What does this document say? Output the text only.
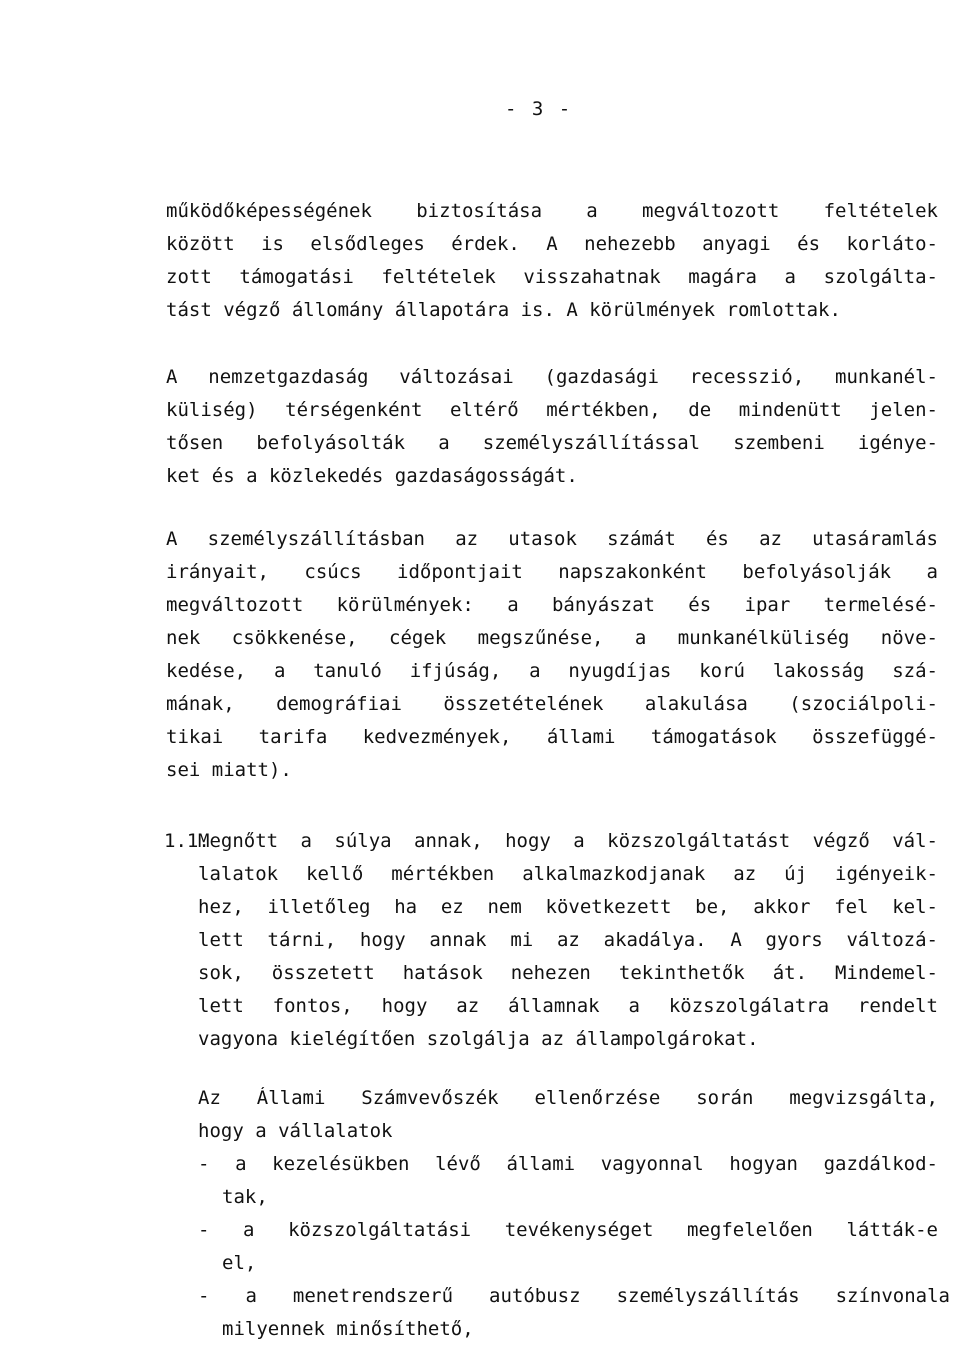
- 3 -
működőképességének biztosítása a megváltozott feltételek
között is elsődleges érdek. A nehezebb anyagi és korláto-
zott támogatási feltételek visszahatnak magára a szolgálta-
tást végző állomány állapotára is. A körülmények romlottak.
A nemzetgazdaság változásai (gazdasági recesszió, munkanél-
küliség) térségenként eltérő mértékben, de mindenütt jelen-
tősen befolyásolták a személyszállítással szembeni igénye-
ket és a közlekedés gazdaságosságát.
A személyszállításban az utasok számát és az utasáramlás
irányait, csúcs időpontjait napszakonként befolyásolják a
megváltozott körülmények: a bányászat és ipar termelésé-
nek csökkenése, cégek megszűnése, a munkanélküliség növe-
kedése, a tanuló ifjúság, a nyugdíjas korú lakosság szá-
mának, demográfiai összetételének alakulása (szociálpoli-
tikai tarifa kedvezmények, állami támogatások összefüggé-
sei miatt).
1.1.
Megnőtt a súlya annak, hogy a közszolgáltatást végző vál-
lalatok kellő mértékben alkalmazkodjanak az új igényeik-
hez, illetőleg ha ez nem következett be, akkor fel kel-
lett tárni, hogy annak mi az akadálya. A gyors változá-
sok, összetett hatások nehezen tekinthetők át. Mindemel-
lett fontos, hogy az államnak a közszolgálatra rendelt
vagyona kielégítően szolgálja az állampolgárokat.
Az Állami Számvevőszék ellenőrzése során megvizsgálta,
hogy a vállalatok
- a kezelésükben lévő állami vagyonnal hogyan gazdálkod-
tak,
- a közszolgáltatási tevékenységet megfelelően látták-e
el,
- a menetrendszerű autóbusz személyszállítás színvonala
milyennek minősíthető,
